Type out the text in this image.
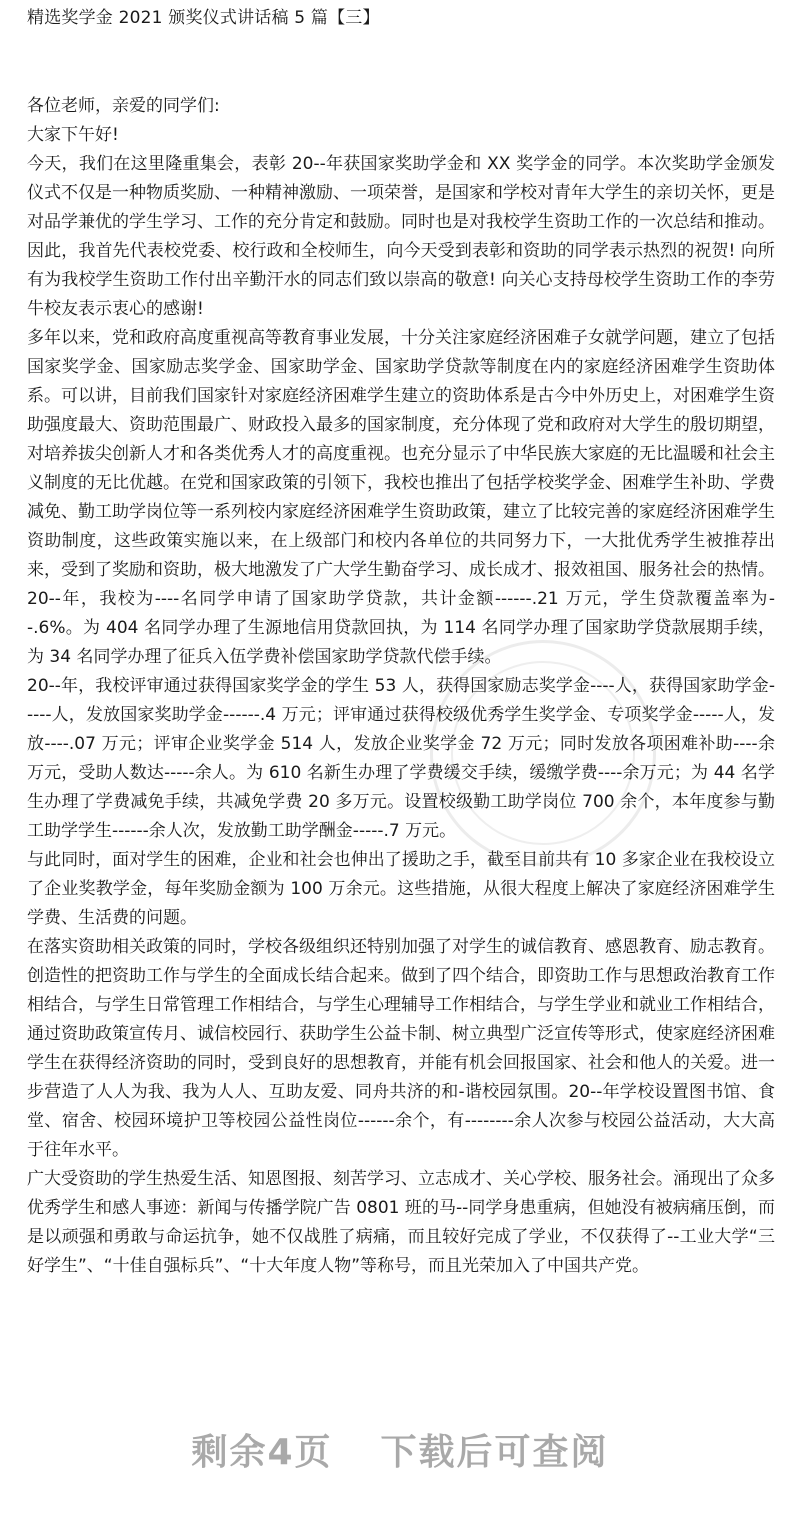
精选奖学金 2021 颁奖仪式讲话稿 5 篇【三】

各位老师，亲爱的同学们:

大家下午好!

今天，我们在这里隆重集会，表彰 20--年获国家奖助学金和 XX 奖学金的同学。本次奖助学金颁发仪式不仅是一种物质奖励、一种精神激励、一项荣誉，是国家和学校对青年大学生的亲切关怀，更是对品学兼优的学生学习、工作的充分肯定和鼓励。同时也是对我校学生资助工作的一次总结和推动。因此，我首先代表校党委、校行政和全校师生，向今天受到表彰和资助的同学表示热烈的祝贺! 向所有为我校学生资助工作付出辛勤汗水的同志们致以崇高的敬意! 向关心支持母校学生资助工作的李劳牛校友表示衷心的感谢!

多年以来，党和政府高度重视高等教育事业发展，十分关注家庭经济困难子女就学问题，建立了包括国家奖学金、国家励志奖学金、国家助学金、国家助学贷款等制度在内的家庭经济困难学生资助体系。可以讲，目前我们国家针对家庭经济困难学生建立的资助体系是古今中外历史上，对困难学生资助强度最大、资助范围最广、财政投入最多的国家制度，充分体现了党和政府对大学生的殷切期望，对培养拔尖创新人才和各类优秀人才的高度重视。也充分显示了中华民族大家庭的无比温暖和社会主义制度的无比优越。在党和国家政策的引领下，我校也推出了包括学校奖学金、困难学生补助、学费减免、勤工助学岗位等一系列校内家庭经济困难学生资助政策，建立了比较完善的家庭经济困难学生资助制度，这些政策实施以来，在上级部门和校内各单位的共同努力下，一大批优秀学生被推荐出来，受到了奖励和资助，极大地激发了广大学生勤奋学习、成长成才、报效祖国、服务社会的热情。

20--年，我校为----名同学申请了国家助学贷款，共计金额------.21 万元，学生贷款覆盖率为--.6%。为 404 名同学办理了生源地信用贷款回执，为 114 名同学办理了国家助学贷款展期手续，为 34 名同学办理了征兵入伍学费补偿国家助学贷款代偿手续。

20--年，我校评审通过获得国家奖学金的学生 53 人，获得国家励志奖学金----人，获得国家助学金-----人，发放国家奖助学金------.4 万元；评审通过获得校级优秀学生奖学金、专项奖学金-----人，发放----.07 万元；评审企业奖学金 514 人，发放企业奖学金 72 万元；同时发放各项困难补助----余万元，受助人数达-----余人。为 610 名新生办理了学费缓交手续，缓缴学费----余万元；为 44 名学生办理了学费减免手续，共减免学费 20 多万元。设置校级勤工助学岗位 700 余个，本年度参与勤工助学学生------余人次，发放勤工助学酬金-----.7 万元。

与此同时，面对学生的困难，企业和社会也伸出了援助之手，截至目前共有 10 多家企业在我校设立了企业奖教学金，每年奖励金额为 100 万余元。这些措施，从很大程度上解决了家庭经济困难学生学费、生活费的问题。

在落实资助相关政策的同时，学校各级组织还特别加强了对学生的诚信教育、感恩教育、励志教育。创造性的把资助工作与学生的全面成长结合起来。做到了四个结合，即资助工作与思想政治教育工作相结合，与学生日常管理工作相结合，与学生心理辅导工作相结合，与学生学业和就业工作相结合，通过资助政策宣传月、诚信校园行、获助学生公益卡制、树立典型广泛宣传等形式，使家庭经济困难学生在获得经济资助的同时，受到良好的思想教育，并能有机会回报国家、社会和他人的关爱。进一步营造了人人为我、我为人人、互助友爱、同舟共济的和-谐校园氛围。20--年学校设置图书馆、食堂、宿舍、校园环境护卫等校园公益性岗位------余个，有--------余人次参与校园公益活动，大大高于往年水平。

广大受资助的学生热爱生活、知恩图报、刻苦学习、立志成才、关心学校、服务社会。涌现出了众多优秀学生和感人事迹：新闻与传播学院广告 0801 班的马--同学身患重病，但她没有被病痛压倒，而是以顽强和勇敢与命运抗争，她不仅战胜了病痛，而且较好完成了学业，不仅获得了--工业大学“三好学生”、“十佳自强标兵”、“十大年度人物”等称号，而且光荣加入了中国共产党。

剩余4页 下载后可查阅
